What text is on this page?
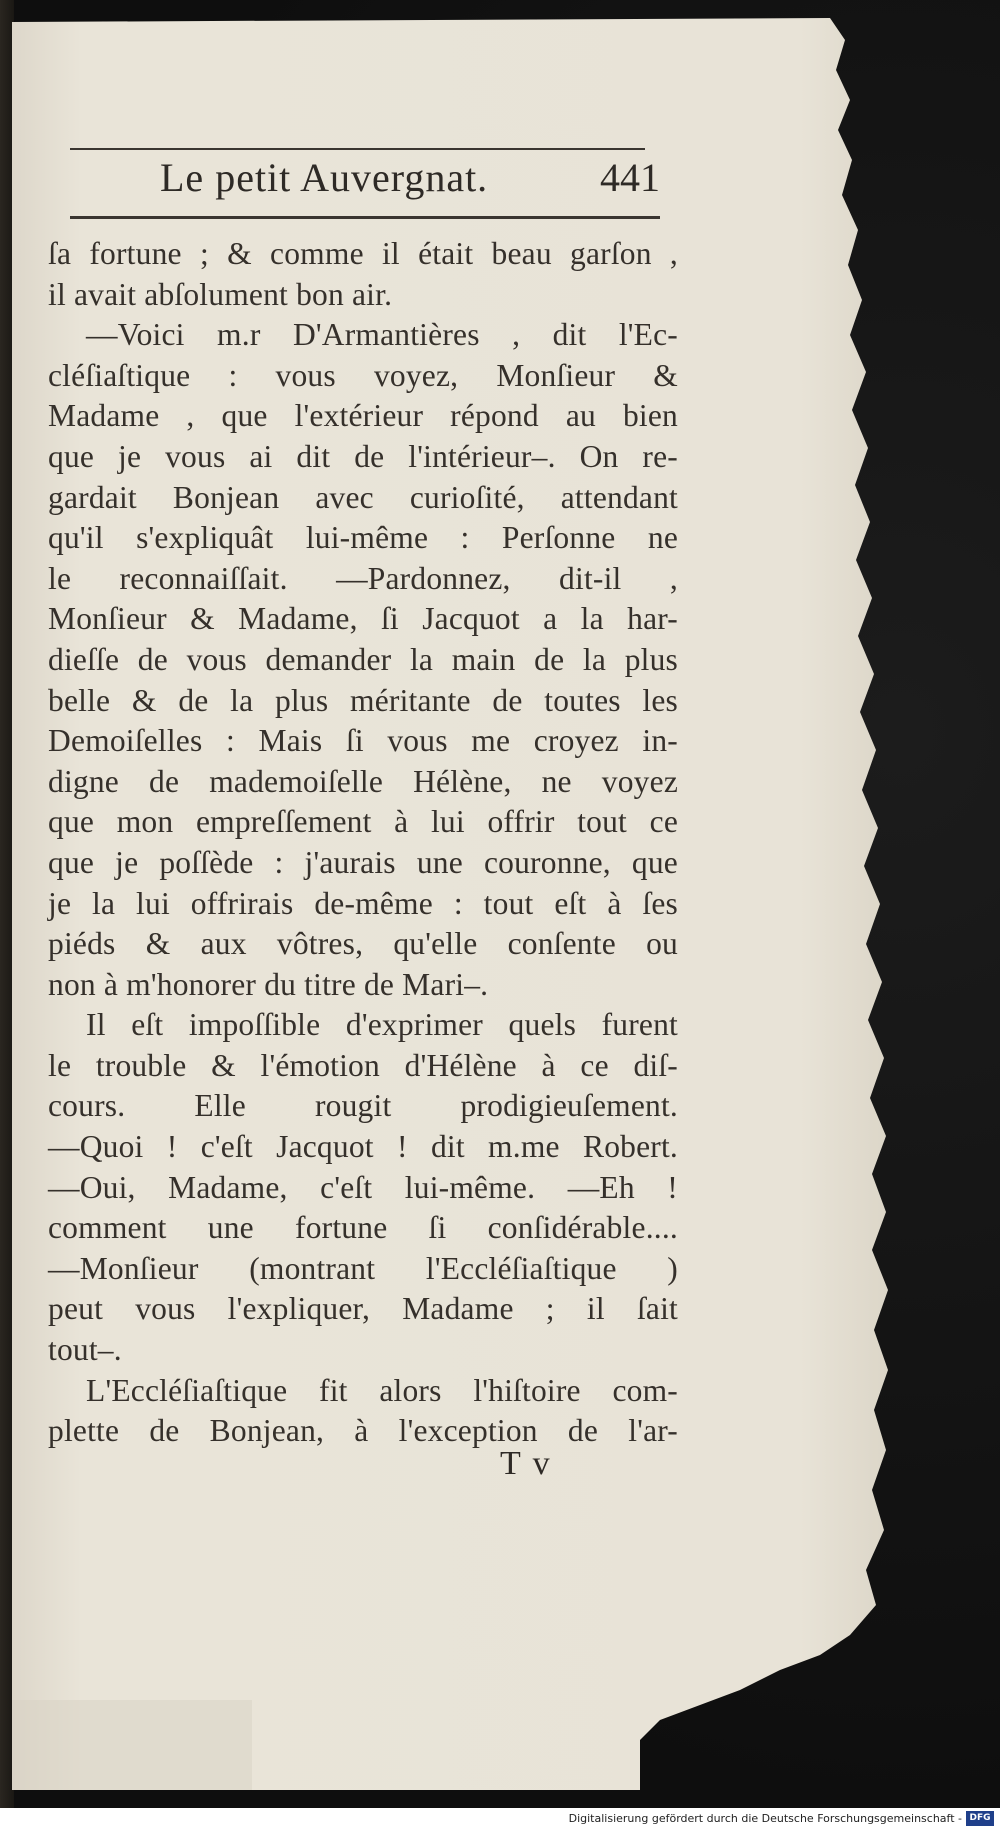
Le petit Auvergnat.	441
ſa fortune ; & comme il était beau garſon ,
il avait abſolument bon air.
—Voici m.r D'Armantières , dit l'Ec-
cléſiaſtique : vous voyez, Monſieur &
Madame , que l'extérieur répond au bien
que je vous ai dit de l'intérieur–. On re-
gardait Bonjean avec curioſité, attendant
qu'il s'expliquât lui-même : Perſonne ne
le reconnaiſſait. —Pardonnez, dit-il ,
Monſieur & Madame, ſi Jacquot a la har-
dieſſe de vous demander la main de la plus
belle & de la plus méritante de toutes les
Demoiſelles : Mais ſi vous me croyez in-
digne de mademoiſelle Hélène, ne voyez
que mon empreſſement à lui offrir tout ce
que je poſſède : j'aurais une couronne, que
je la lui offrirais de-même : tout eſt à ſes
piéds & aux vôtres, qu'elle conſente ou
non à m'honorer du titre de Mari–.
Il eſt impoſſible d'exprimer quels furent
le trouble & l'émotion d'Hélène à ce diſ-
cours. Elle rougit prodigieuſement.
—Quoi ! c'eſt Jacquot ! dit m.me Robert.
—Oui, Madame, c'eſt lui-même. —Eh !
comment une fortune ſi conſidérable....
—Monſieur (montrant l'Eccléſiaſtique )
peut vous l'expliquer, Madame ; il ſait
tout–.
L'Eccléſiaſtique fit alors l'hiſtoire com-
plette de Bonjean, à l'exception de l'ar-
T v
Digitalisierung gefördert durch die Deutsche Forschungsgemeinschaft - DFG
